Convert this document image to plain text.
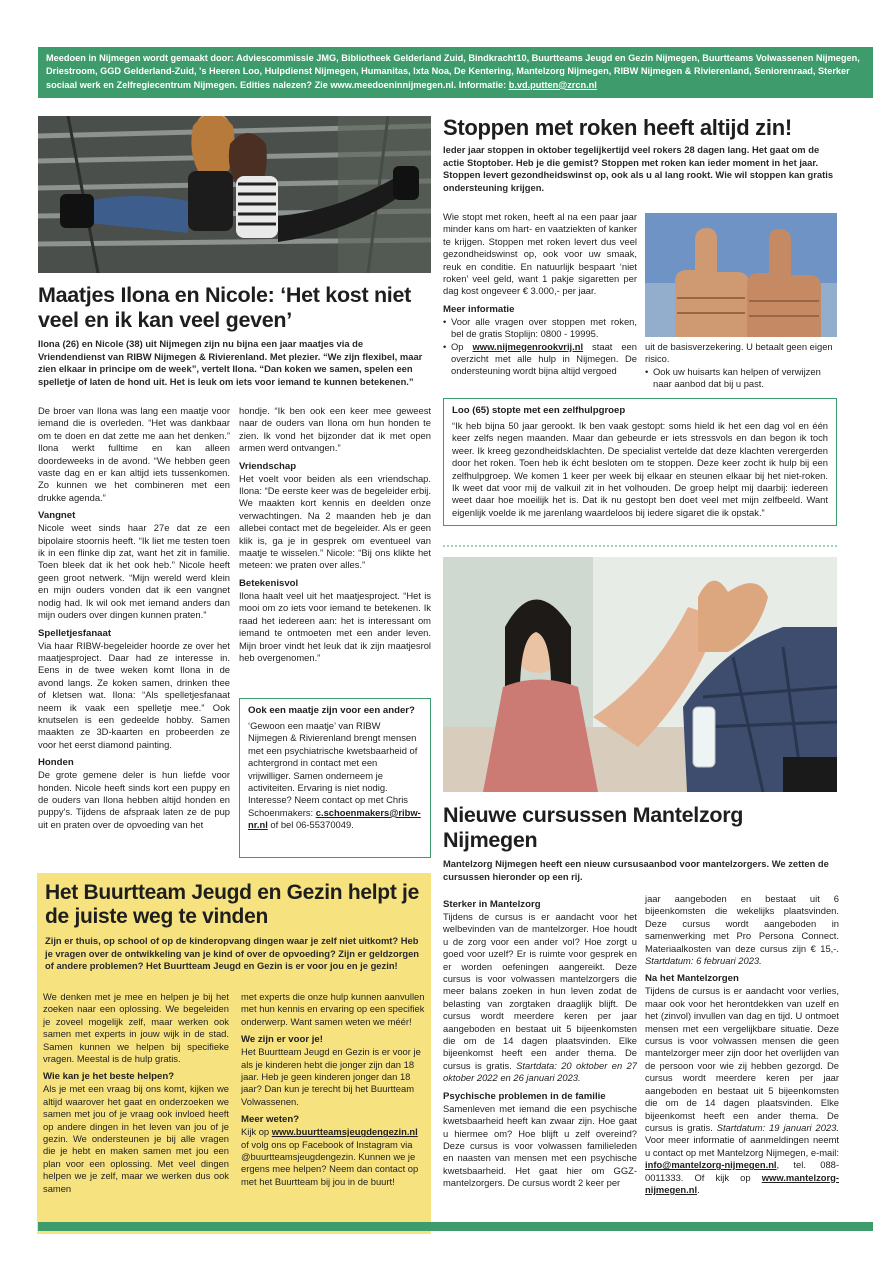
Meedoen in Nijmegen wordt gemaakt door: Adviescommissie JMG, Bibliotheek Gelderland Zuid, Bindkracht10, Buurtteams Jeugd en Gezin Nijmegen, Buurtteams Volwassenen Nijmegen, Driestroom, GGD Gelderland-Zuid, 's Heeren Loo, Hulpdienst Nijmegen, Humanitas, Ixta Noa, De Kentering, Mantelzorg Nijmegen, RIBW Nijmegen & Rivierenland, Seniorenraad, Sterker sociaal werk en Zelfregiecentrum Nijmegen. Edities nalezen? Zie www.meedoeninnijmegen.nl. Informatie: b.vd.putten@zrcn.nl
Maatjes Ilona en Nicole: ‘Het kost niet veel en ik kan veel geven’

Ilona (26) en Nicole (38) uit Nijmegen zijn nu bijna een jaar maatjes via de Vriendendienst van RIBW Nijmegen & Rivierenland. Met plezier. “We zijn flexibel, maar zien elkaar in principe om de week”, vertelt Ilona. “Dan koken we samen, spelen een spelletje of laten de hond uit. Het is leuk om iets voor iemand te kunnen betekenen.”

De broer van Ilona was lang een maatje voor iemand die is overleden. “Het was dankbaar om te doen en dat zette me aan het denken.” Ilona werkt fulltime en kan alleen doordeweeks in de avond. “We hebben geen vaste dag en er kan altijd iets tussenkomen. Zo kunnen we het combineren met een drukke agenda.”

Vangnet

Nicole weet sinds haar 27e dat ze een bipolaire stoornis heeft. “Ik liet me testen toen ik in een flinke dip zat, want het zit in familie. Toen bleek dat ik het ook heb.” Nicole heeft geen groot netwerk. “Mijn wereld werd klein en mijn ouders vonden dat ik een vangnet nodig had. Ik wil ook met iemand anders dan mijn ouders over dingen kunnen praten.”

Spelletjesfanaat

Via haar RIBW-begeleider hoorde ze over het maatjesproject. Daar had ze interesse in. Eens in de twee weken komt Ilona in de avond langs. Ze koken samen, drinken thee of kletsen wat. Ilona: “Als spelletjesfanaat neem ik vaak een spelletje mee.” Ook knutselen is een gedeelde hobby. Samen maakten ze 3D-kaarten en probeerden ze voor het eerst diamond painting.

Honden

De grote gemene deler is hun liefde voor honden. Nicole heeft sinds kort een puppy en de ouders van Ilona hebben altijd honden en puppy's. Tijdens de afspraak laten ze de pup uit en praten over de opvoeding van het

hondje. “Ik ben ook een keer mee geweest naar de ouders van Ilona om hun honden te zien. Ik vond het bijzonder dat ik met open armen werd ontvangen.”

Vriendschap

Het voelt voor beiden als een vriendschap. Ilona: “De eerste keer was de begeleider erbij. We maakten kort kennis en deelden onze verwachtingen. Na 2 maanden heb je dan allebei contact met de begeleider. Als er geen klik is, ga je in gesprek om eventueel van maatje te wisselen.” Nicole: “Bij ons klikte het meteen: we praten over alles.”

Betekenisvol

Ilona haalt veel uit het maatjesproject. “Het is mooi om zo iets voor iemand te betekenen. Ik raad het iedereen aan: het is interessant om iemand te ontmoeten met een ander leven. Mijn broer vindt het leuk dat ik zijn maatjesrol heb overgenomen.”

Ook een maatje zijn voor een ander?

‘Gewoon een maatje’ van RIBW Nijmegen & Rivierenland brengt mensen met een psychiatrische kwetsbaarheid of achtergrond in contact met een vrijwilliger. Samen onderneem je activiteiten. Ervaring is niet nodig. Interesse? Neem contact op met Chris Schoenmakers: c.schoenmakers@ribw-nr.nl of bel 06-55370049.

Stoppen met roken heeft altijd zin!

Ieder jaar stoppen in oktober tegelijkertijd veel rokers 28 dagen lang. Het gaat om de actie Stoptober. Heb je die gemist? Stoppen met roken kan ieder moment in het jaar. Stoppen levert gezondheidswinst op, ook als u al lang rookt. Wie wil stoppen kan gratis ondersteuning krijgen.

Wie stopt met roken, heeft al na een paar jaar minder kans om hart- en vaatziekten of kanker te krijgen. Stoppen met roken levert dus veel gezondheidswinst op, ook voor uw smaak, reuk en conditie. En natuurlijk bespaart ‘niet roken’ veel geld, want 1 pakje sigaretten per dag kost ongeveer € 3.000,- per jaar.

Meer informatie
• Voor alle vragen over stoppen met roken, bel de gratis Stoplijn: 0800 - 19995.
• Op www.nijmegenrookvrij.nl staat een overzicht met alle hulp in Nijmegen. De ondersteuning wordt bijna altijd vergoed

uit de basisverzekering. U betaalt geen eigen risico.

• Ook uw huisarts kan helpen of verwijzen naar aanbod dat bij u past.
Loo (65) stopte met een zelfhulpgroep

“Ik heb bijna 50 jaar gerookt. Ik ben vaak gestopt: soms hield ik het een dag vol en één keer zelfs negen maanden. Maar dan gebeurde er iets stressvols en dan begon ik toch weer. Ik kreeg gezondheidsklachten. De specialist vertelde dat deze klachten verergerden door het roken. Toen heb ik écht besloten om te stoppen. Deze keer zocht ik hulp bij een zelfhulpgroep. We komen 1 keer per week bij elkaar en steunen elkaar bij het niet-roken. Ik weet dat voor mij de valkuil zit in het volhouden. De groep helpt mij daarbij: iedereen weet daar hoe moeilijk het is. Dat ik nu gestopt ben doet veel met mijn zelfbeeld. Want eigenlijk voelde ik me jarenlang waardeloos bij iedere sigaret die ik opstak.”

Nieuwe cursussen Mantelzorg Nijmegen

Mantelzorg Nijmegen heeft een nieuw cursusaanbod voor mantelzorgers. We zetten de cursussen hieronder op een rij.

Sterker in Mantelzorg

Tijdens de cursus is er aandacht voor het welbevinden van de mantelzorger. Hoe houdt u de zorg voor een ander vol? Hoe zorgt u goed voor uzelf? Er is ruimte voor gesprek en er worden oefeningen aangereikt. Deze cursus is voor volwassen mantelzorgers die meer balans zoeken in hun leven zodat de belasting van zorgtaken draaglijk blijft. De cursus wordt meerdere keren per jaar aangeboden en bestaat uit 5 bijeenkomsten die om de 14 dagen plaatsvinden. Elke bijeenkomst heeft een ander thema. De cursus is gratis. Startdata: 20 oktober en 27 oktober 2022 en 26 januari 2023.

Psychische problemen in de familie

Samenleven met iemand die een psychische kwetsbaarheid heeft kan zwaar zijn. Hoe gaat u hiermee om? Hoe blijft u zelf overeind? Deze cursus is voor volwassen familieleden en naasten van mensen met een psychische kwetsbaarheid. Het gaat hier om GGZ-mantelzorgers. De cursus wordt 2 keer per

jaar aangeboden en bestaat uit 6 bijeenkomsten die wekelijks plaatsvinden. Deze cursus wordt aangeboden in samenwerking met Pro Persona Connect. Materiaalkosten van deze cursus zijn € 15,-. Startdatum: 6 februari 2023.

Na het Mantelzorgen

Tijdens de cursus is er aandacht voor verlies, maar ook voor het herontdekken van uzelf en het (zinvol) invullen van dag en tijd. U ontmoet mensen met een vergelijkbare situatie. Deze cursus is voor volwassen mensen die geen mantelzorger meer zijn door het overlijden van de persoon voor wie zij hebben gezorgd. De cursus wordt meerdere keren per jaar aangeboden en bestaat uit 5 bijeenkomsten die om de 14 dagen plaatsvinden. Elke bijeenkomst heeft een ander thema. De cursus is gratis. Startdatum: 19 januari 2023. Voor meer informatie of aanmeldingen neemt u contact op met Mantelzorg Nijmegen, e-mail: info@mantelzorg-nijmegen.nl, tel. 088-0011333. Of kijk op www.mantelzorg-nijmegen.nl.

Het Buurtteam Jeugd en Gezin helpt je de juiste weg te vinden

Zijn er thuis, op school of op de kinderopvang dingen waar je zelf niet uitkomt? Heb je vragen over de ontwikkeling van je kind of over de opvoeding? Zijn er geldzorgen of andere problemen? Het Buurtteam Jeugd en Gezin is er voor jou en je gezin!

We denken met je mee en helpen je bij het zoeken naar een oplossing. We begeleiden je zoveel mogelijk zelf, maar werken ook samen met experts in jouw wijk in de stad. Samen kunnen we helpen bij specifieke vragen. Meestal is de hulp gratis.

Wie kan je het beste helpen?

Als je met een vraag bij ons komt, kijken we altijd waarover het gaat en onderzoeken we samen met jou of je vraag ook invloed heeft op andere dingen in het leven van jou of je gezin. We ondersteunen je bij alle vragen die je hebt en maken samen met jou een plan voor een oplossing. Met veel dingen helpen we je zelf, maar we werken dus ook samen

met experts die onze hulp kunnen aanvullen met hun kennis en ervaring op een specifiek onderwerp. Want samen weten we méér!

We zijn er voor je!

Het Buurtteam Jeugd en Gezin is er voor je als je kinderen hebt die jonger zijn dan 18 jaar. Heb je geen kinderen jonger dan 18 jaar? Dan kun je terecht bij het Buurtteam Volwassenen.

Meer weten?

Kijk op www.buurtteamsjeugdengezin.nl of volg ons op Facebook of Instagram via @buurtteamsjeugdengezin. Kunnen we je ergens mee helpen? Neem dan contact op met het Buurtteam bij jou in de buurt!
